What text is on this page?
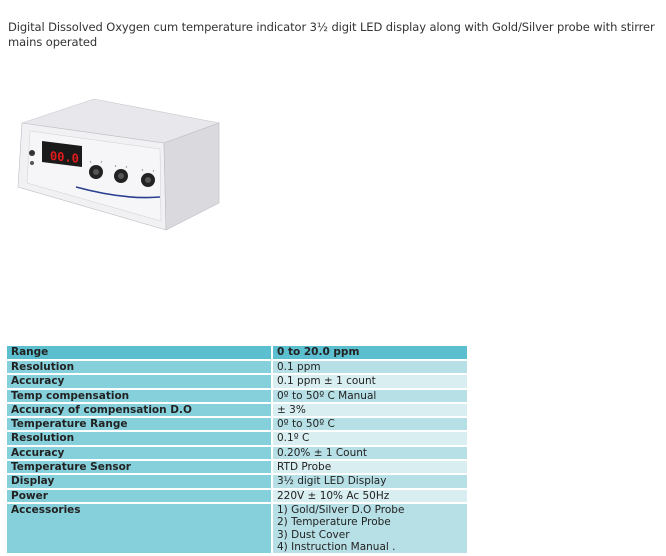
Digital Dissolved Oxygen cum temperature indicator 3½ digit LED display along with Gold/Silver probe with stirrer mains operated
00.0
Range	0 to 20.0 ppm
Resolution	0.1 ppm
Accuracy	0.1 ppm ± 1 count
Temp compensation	0º to 50º C Manual
Accuracy of compensation D.O	± 3%
Temperature Range	0º to 50º C
Resolution	0.1º C
Accuracy	0.20% ± 1 Count
Temperature Sensor	RTD Probe
Display	3½ digit LED Display
Power	220V ± 10% Ac 50Hz
Accessories	1) Gold/Silver D.O Probe
2) Temperature Probe
3) Dust Cover
4) Instruction Manual .
